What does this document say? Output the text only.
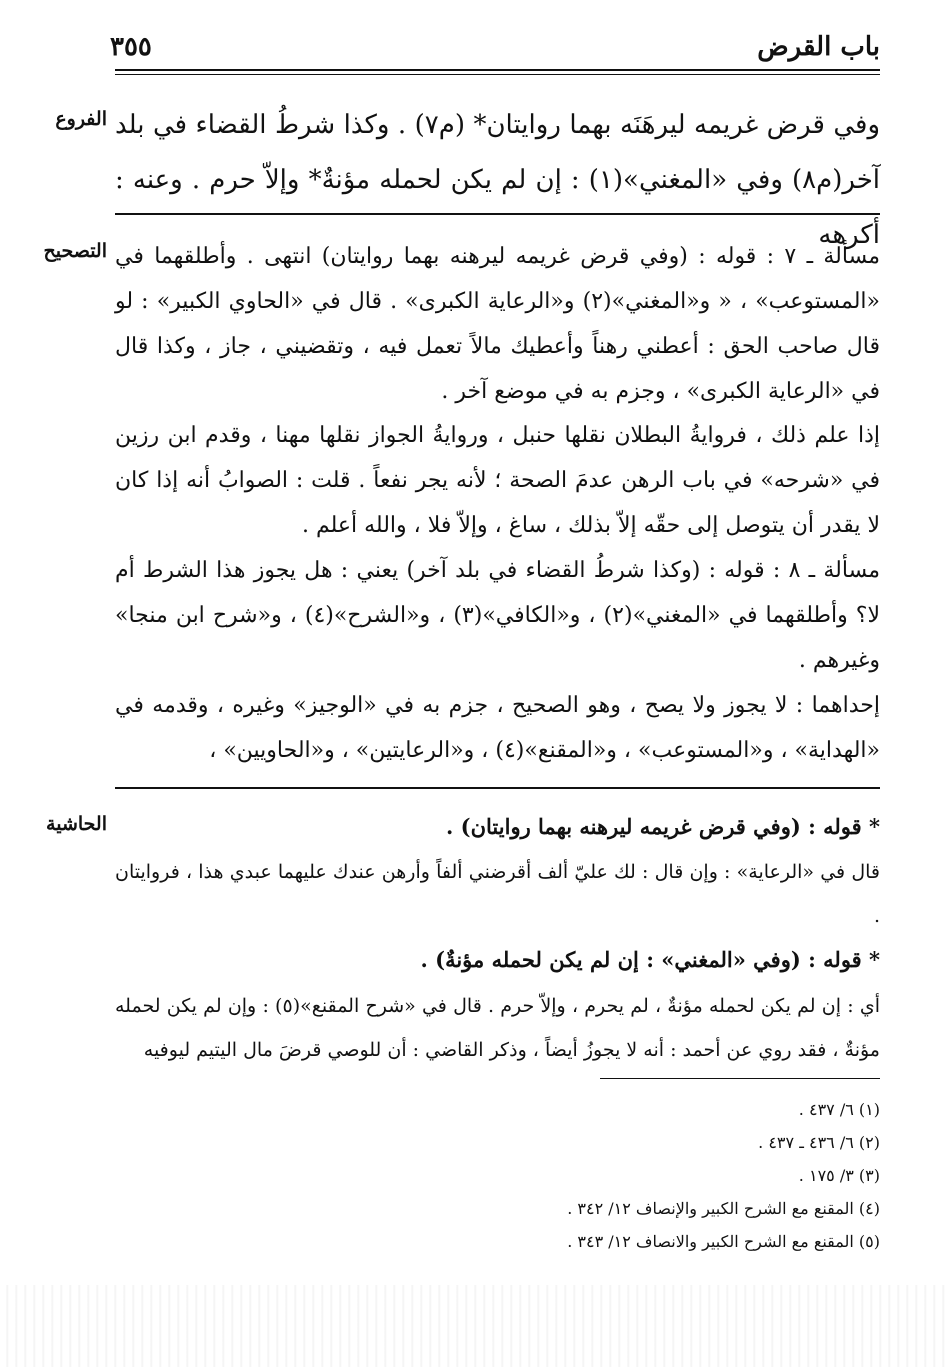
باب القرض
٣٥٥
الفروع وفي قرض غريمه ليرهَنَه بهما روايتان* (م٧) . وكذا شرطُ القضاء في بلد آخر(م٨) وفي «المغني»(١) : إن لم يكن لحمله مؤنةٌ* وإلاّ حرم . وعنه : أكرهه
التصحيح مسألة ـ ٧ : قوله : (وفي قرض غريمه ليرهنه بهما روايتان) انتهى . وأطلقهما في «المستوعب» ، « و«المغني»(٢) و«الرعاية الكبرى» . قال في «الحاوي الكبير» : لو قال صاحب الحق : أعطني رهناً وأعطيك مالاً تعمل فيه ، وتقضيني ، جاز ، وكذا قال في «الرعاية الكبرى» ، وجزم به في موضع آخر .
إذا علم ذلك ، فروايةُ البطلان نقلها حنبل ، وروايةُ الجواز نقلها مهنا ، وقدم ابن رزين في «شرحه» في باب الرهن عدمَ الصحة ؛ لأنه يجر نفعاً . قلت : الصوابُ أنه إذا كان لا يقدر أن يتوصل إلى حقّه إلاّ بذلك ، ساغ ، وإلاّ فلا ، والله أعلم .
مسألة ـ ٨ : قوله : (وكذا شرطُ القضاء في بلد آخر) يعني : هل يجوز هذا الشرط أم لا؟ وأطلقهما في «المغني»(٢) ، و«الكافي»(٣) ، و«الشرح»(٤) ، و«شرح ابن منجا» وغيرهم .
إحداهما : لا يجوز ولا يصح ، وهو الصحيح ، جزم به في «الوجيز» وغيره ، وقدمه في «الهداية» ، و«المستوعب» ، و«المقنع»(٤) ، و«الرعايتين» ، و«الحاويين» ،
الحاشية	* قوله : (وفي قرض غريمه ليرهنه بهما روايتان) .
قال في «الرعاية» : وإن قال : لك عليّ ألف أقرضني ألفاً وأرهن عندك عليهما عبدي هذا ، فروايتان .
* قوله : (وفي «المغني» : إن لم يكن لحمله مؤنةٌ) .
أي : إن لم يكن لحمله مؤنةٌ ، لم يحرم ، وإلاّ حرم . قال في «شرح المقنع»(٥) : وإن لم يكن لحمله مؤنةٌ ، فقد روي عن أحمد : أنه لا يجوزُ أيضاً ، وذكر القاضي : أن للوصي قرضَ مال اليتيم ليوفيه
(١) ٦/ ٤٣٧ .
(٢) ٦/ ٤٣٦ ـ ٤٣٧ .
(٣) ٣/ ١٧٥ .
(٤) المقنع مع الشرح الكبير والإنصاف ١٢/ ٣٤٢ .
(٥) المقنع مع الشرح الكبير والانصاف ١٢/ ٣٤٣ .
